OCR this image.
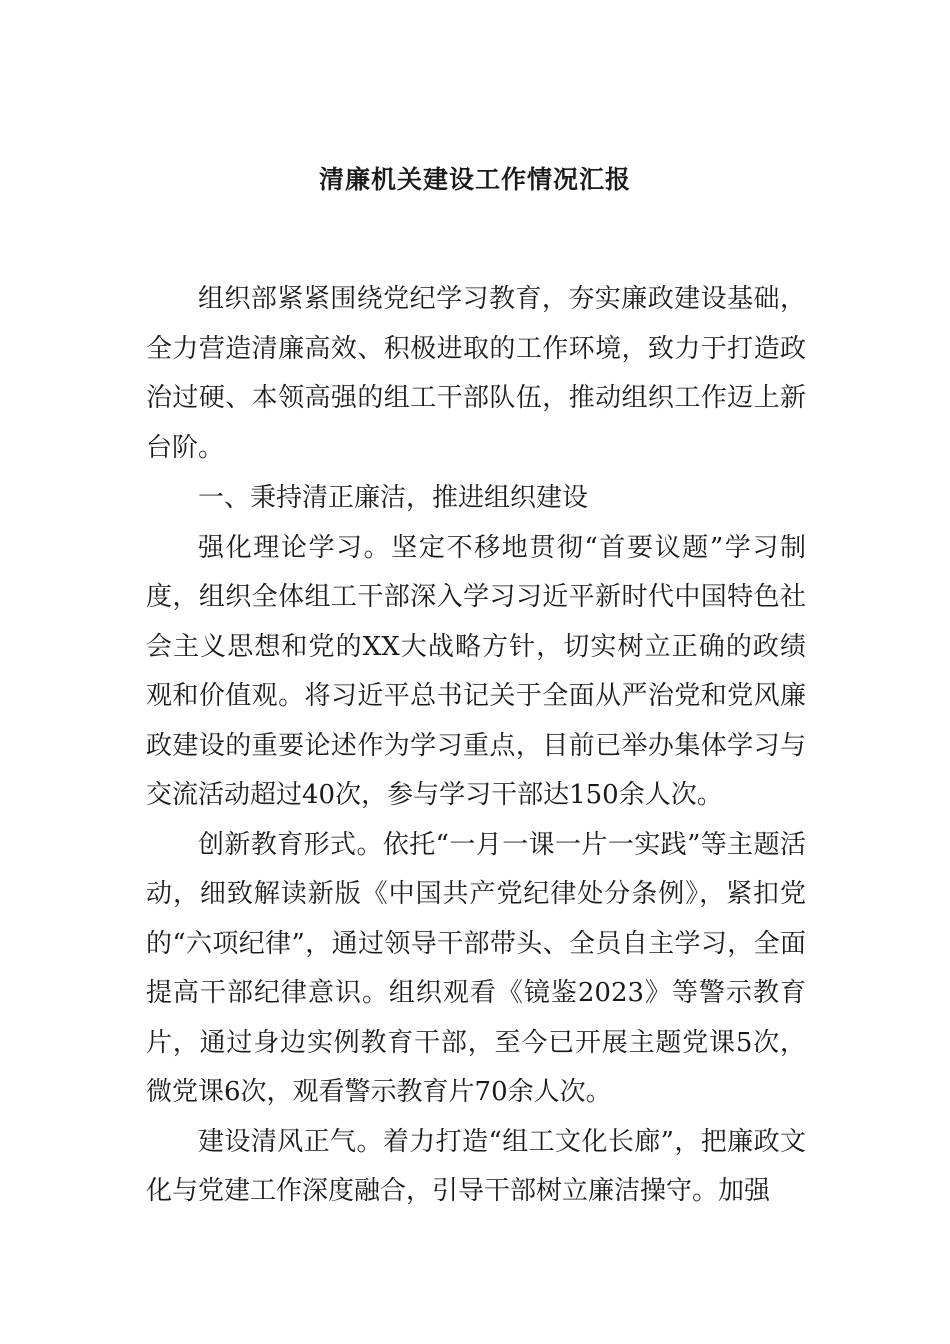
清廉机关建设工作情况汇报

组织部紧紧围绕党纪学习教育，夯实廉政建设基础，全力营造清廉高效、积极进取的工作环境，致力于打造政治过硬、本领高强的组工干部队伍，推动组织工作迈上新台阶。

一、秉持清正廉洁，推进组织建设

强化理论学习。坚定不移地贯彻“首要议题”学习制度，组织全体组工干部深入学习习近平新时代中国特色社会主义思想和党的XX大战略方针，切实树立正确的政绩观和价值观。将习近平总书记关于全面从严治党和党风廉政建设的重要论述作为学习重点，目前已举办集体学习与交流活动超过40次，参与学习干部达150余人次。

创新教育形式。依托“一月一课一片一实践”等主题活动，细致解读新版《中国共产党纪律处分条例》，紧扣党的“六项纪律”，通过领导干部带头、全员自主学习，全面提高干部纪律意识。组织观看《镜鉴2023》等警示教育片，通过身边实例教育干部，至今已开展主题党课5次，微党课6次，观看警示教育片70余人次。

建设清风正气。着力打造“组工文化长廊”，把廉政文化与党建工作深度融合，引导干部树立廉洁操守。加强
